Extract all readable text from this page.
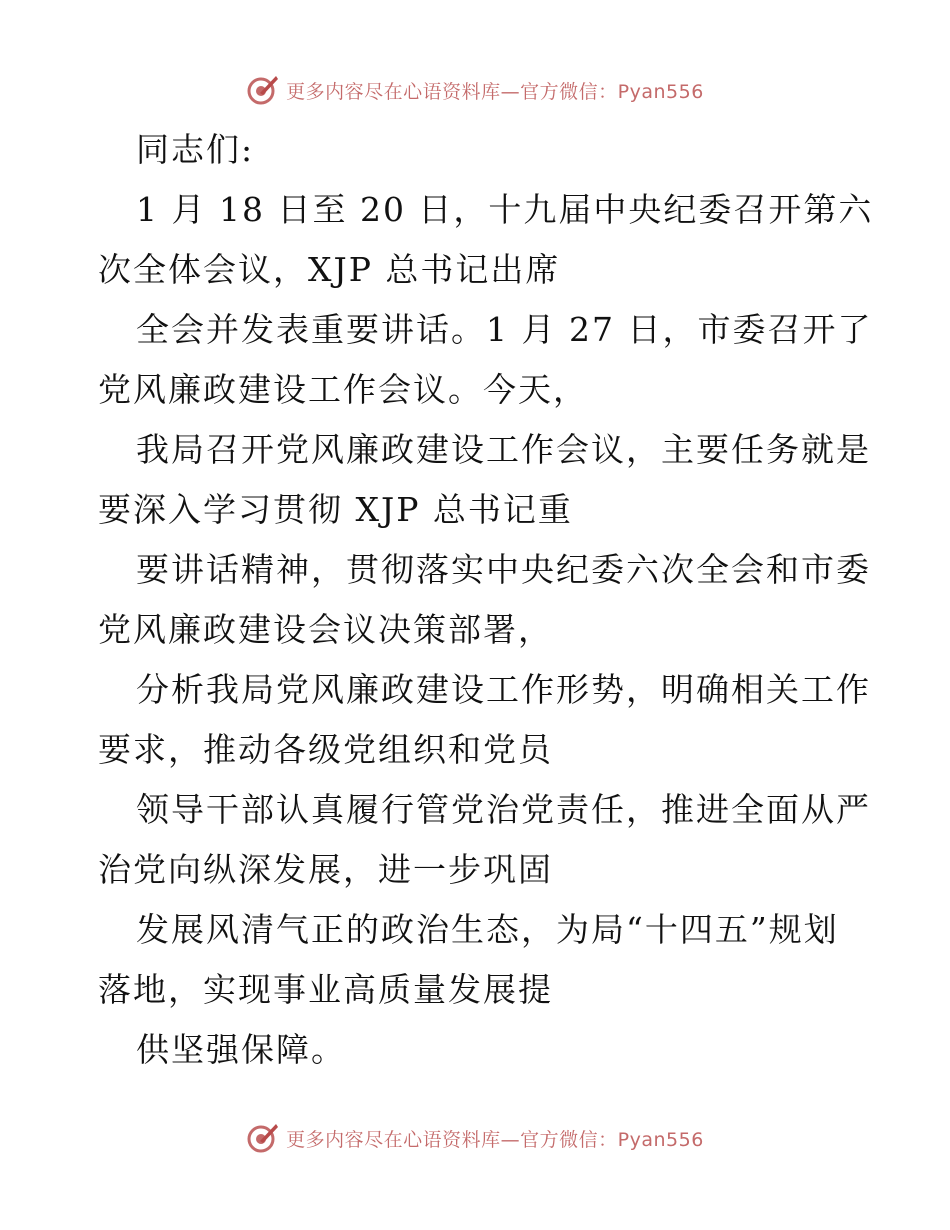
更多内容尽在心语资料库—官方微信：Pyan556
同志们:
1 月 18 日至 20 日，十九届中央纪委召开第六
次全体会议，XJP 总书记出席
全会并发表重要讲话。1 月 27 日，市委召开了
党风廉政建设工作会议。今天，
我局召开党风廉政建设工作会议，主要任务就是
要深入学习贯彻 XJP 总书记重
要讲话精神，贯彻落实中央纪委六次全会和市委
党风廉政建设会议决策部署，
分析我局党风廉政建设工作形势，明确相关工作
要求，推动各级党组织和党员
领导干部认真履行管党治党责任，推进全面从严
治党向纵深发展，进一步巩固
发展风清气正的政治生态，为局“十四五”规划
落地，实现事业高质量发展提
供坚强保障。
更多内容尽在心语资料库—官方微信：Pyan556
